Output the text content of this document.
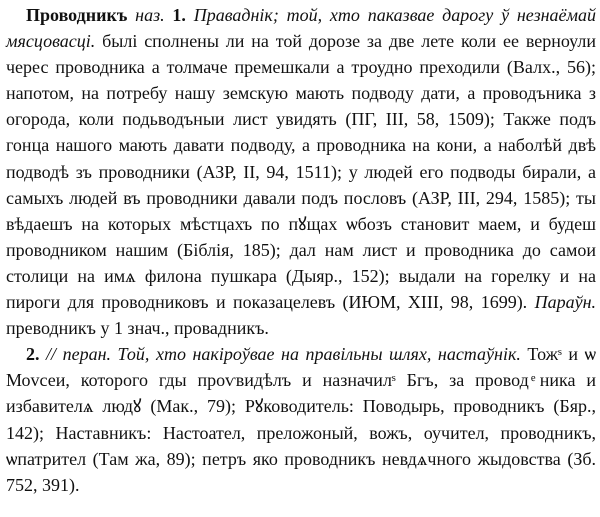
Проводникъ наз. 1. Праваднік; той, хто паказвае дарогу ў незнаёмай мясцовасці. былі сполнены ли на той дорозе за две лете коли ее верноули черес проводника а толмаче премешкали а троудно преходили (Валх., 56); напотом, на потребу нашу земскую мають подводу дати, а проводъника з огорода, коли подьводъныи лист увидять (ПГ, III, 58, 1509); Также подъ гонца нашого мають давати подводу, а проводника на кони, а наболѣй двѣ подводѣ зъ проводники (АЗР, II, 94, 1511); у людей его подводы бирали, а самыхъ людей въ проводники давали подъ пословъ (АЗР, III, 294, 1585); ты вѣдаешъ на которых мѣстцахъ по пꙋщах ѡбозъ становит маем, и будеш проводником нашим (Біблія, 185); дал нам лист и проводника до самои столици на имѧ филона пушкара (Дыяр., 152); выдали на горелку и на пироги для проводниковъ и показацелевъ (ИЮМ, XIII, 98, 1699). Параўн. преводникъ у 1 знач., провадникъ.

2. // перан. Той, хто накіроўвае на правільны шлях, настаўнік. Тожˢ и ѡ Моvсеи, которого гды проѵвидѣлъ и назначилˢ Бгъ, за провод ͤника и избавителѧ людꙋ (Мак., 79); Рꙋководитель: Поводырь, проводникъ (Бяр., 142); Наставникъ: Настоател, преложоный, вожъ, оучител, проводникъ, ѡпатрител (Там жа, 89); петръ яко проводникъ невдѧчного жыдовства (Зб. 752, 391).
